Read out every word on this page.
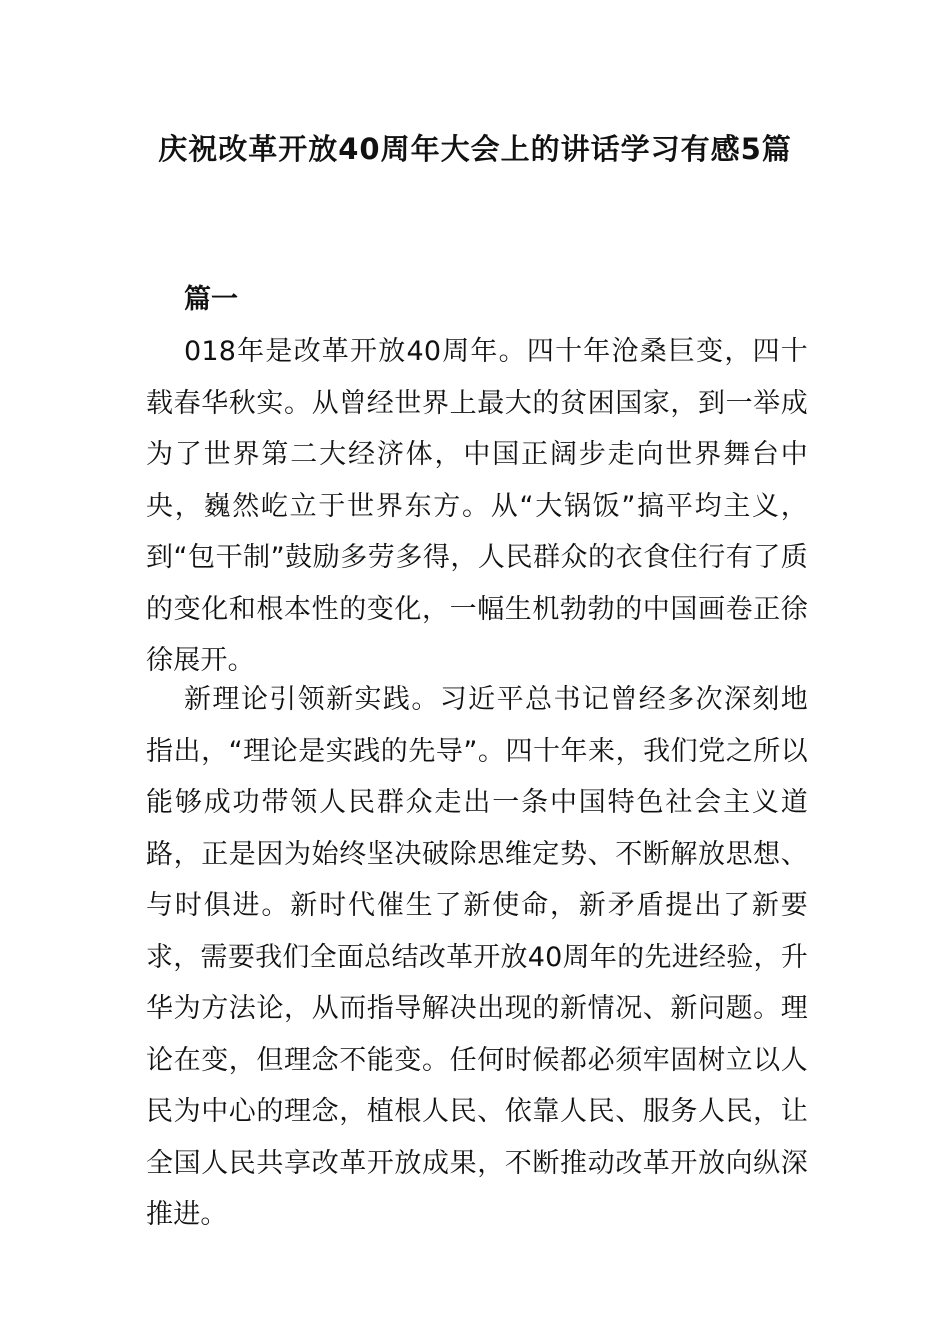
庆祝改革开放40周年大会上的讲话学习有感5篇
篇一

018年是改革开放40周年。四十年沧桑巨变，四十载春华秋实。从曾经世界上最大的贫困国家，到一举成为了世界第二大经济体，中国正阔步走向世界舞台中央，巍然屹立于世界东方。从“大锅饭”搞平均主义，到“包干制”鼓励多劳多得，人民群众的衣食住行有了质的变化和根本性的变化，一幅生机勃勃的中国画卷正徐徐展开。

新理论引领新实践。习近平总书记曾经多次深刻地指出，“理论是实践的先导”。四十年来，我们党之所以能够成功带领人民群众走出一条中国特色社会主义道路，正是因为始终坚决破除思维定势、不断解放思想、与时俱进。新时代催生了新使命，新矛盾提出了新要求，需要我们全面总结改革开放40周年的先进经验，升华为方法论，从而指导解决出现的新情况、新问题。理论在变，但理念不能变。任何时候都必须牢固树立以人民为中心的理念，植根人民、依靠人民、服务人民，让全国人民共享改革开放成果，不断推动改革开放向纵深推进。
